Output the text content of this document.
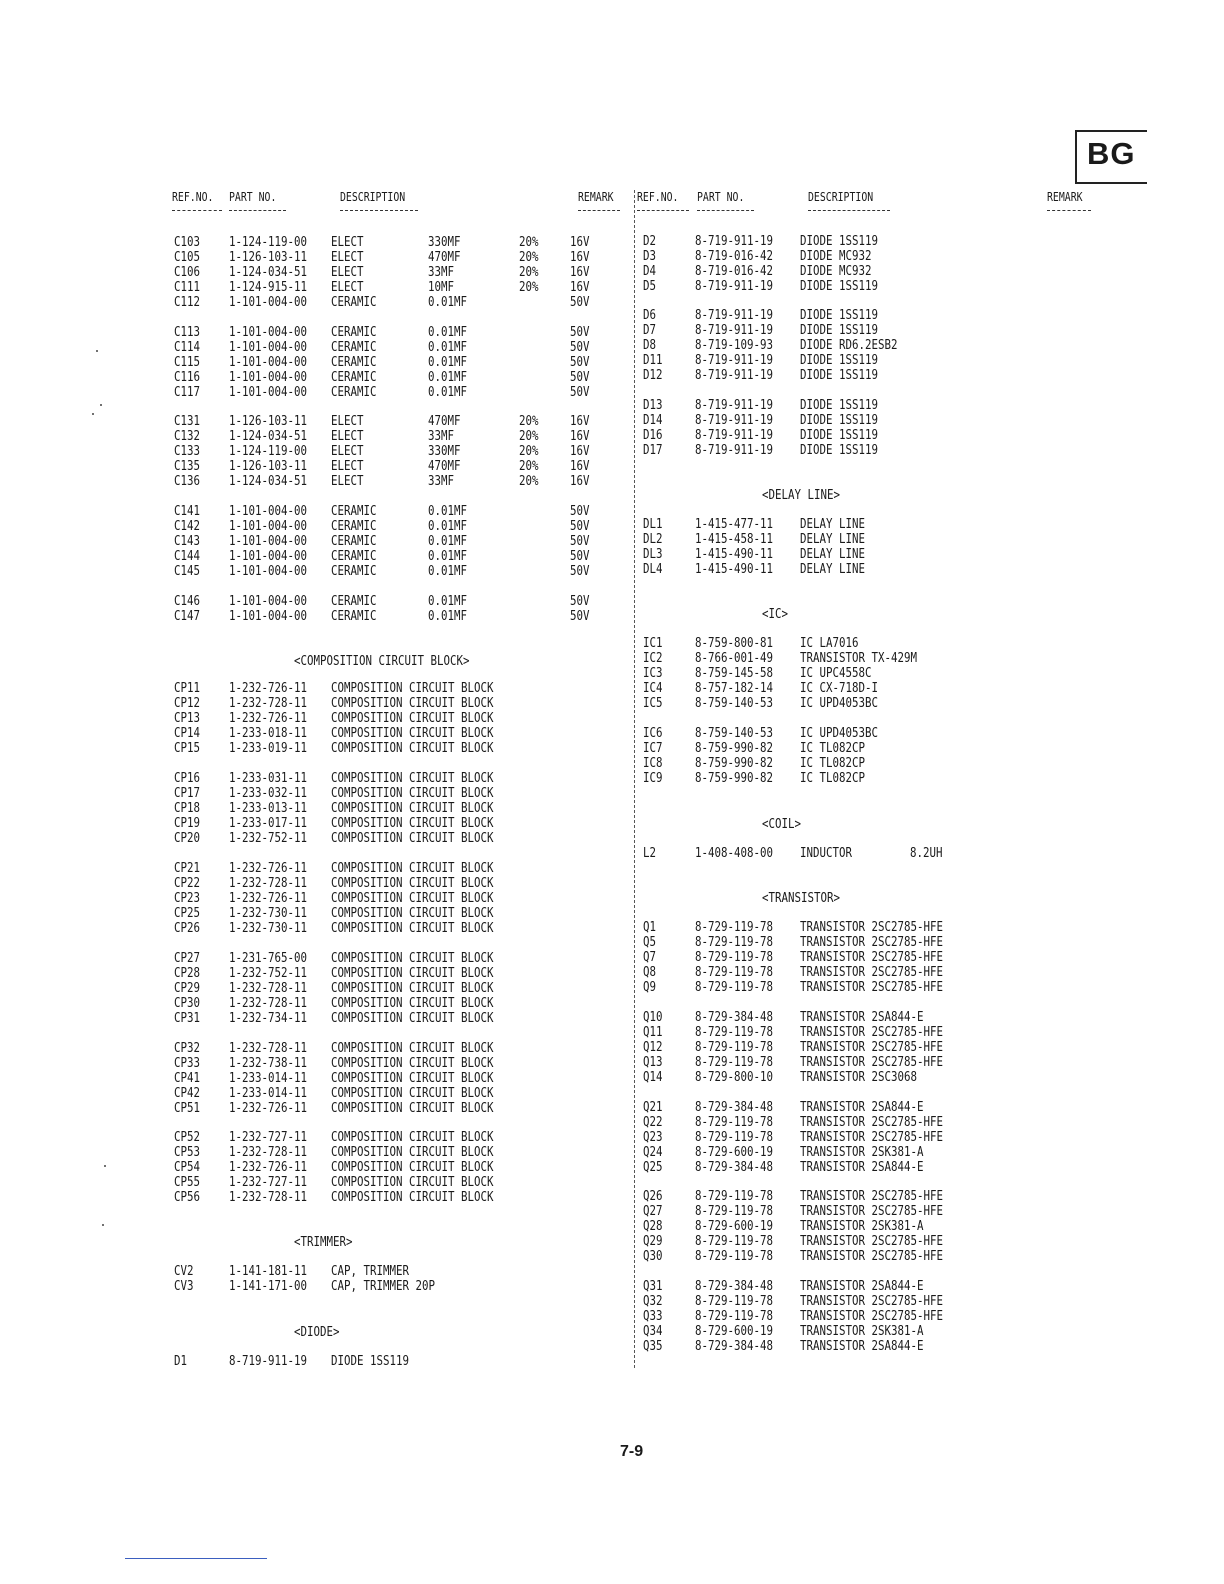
BG
REF.NO. PART NO.	DESCRIPTION	REMARK REF.NO. PART NO.	DESCRIPTION	REMARK
C103 1-124-119-00 ELECT	330MF	20% 16V
C105 1-126-103-11 ELECT	470MF	20% 16V
C106 1-124-034-51 ELECT	33MF	20% 16V
C111 1-124-915-11 ELECT	10MF	20% 16V
C112 1-101-004-00 CERAMIC	0.01MF	50V
C113 1-101-004-00 CERAMIC	0.01MF	50V
C114 1-101-004-00 CERAMIC	0.01MF	50V
C115 1-101-004-00 CERAMIC	0.01MF	50V
C116 1-101-004-00 CERAMIC	0.01MF	50V
C117 1-101-004-00 CERAMIC	0.01MF	50V
C131 1-126-103-11 ELECT	470MF	20% 16V
C132 1-124-034-51 ELECT	33MF	20% 16V
C133 1-124-119-00 ELECT	330MF	20% 16V
C135 1-126-103-11 ELECT	470MF	20% 16V
C136 1-124-034-51 ELECT	33MF	20% 16V
C141 1-101-004-00 CERAMIC	0.01MF	50V
C142 1-101-004-00 CERAMIC	0.01MF	50V
C143 1-101-004-00 CERAMIC	0.01MF	50V
C144 1-101-004-00 CERAMIC	0.01MF	50V
C145 1-101-004-00 CERAMIC	0.01MF	50V
C146 1-101-004-00 CERAMIC	0.01MF	50V
C147 1-101-004-00 CERAMIC	0.01MF	50V
<COMPOSITION CIRCUIT BLOCK>
CP11 1-232-726-11 COMPOSITION CIRCUIT BLOCK
CP12 1-232-728-11 COMPOSITION CIRCUIT BLOCK
CP13 1-232-726-11 COMPOSITION CIRCUIT BLOCK
CP14 1-233-018-11 COMPOSITION CIRCUIT BLOCK
CP15 1-233-019-11 COMPOSITION CIRCUIT BLOCK
CP16 1-233-031-11 COMPOSITION CIRCUIT BLOCK
CP17 1-233-032-11 COMPOSITION CIRCUIT BLOCK
CP18 1-233-013-11 COMPOSITION CIRCUIT BLOCK
CP19 1-233-017-11 COMPOSITION CIRCUIT BLOCK
CP20 1-232-752-11 COMPOSITION CIRCUIT BLOCK
CP21 1-232-726-11 COMPOSITION CIRCUIT BLOCK
CP22 1-232-728-11 COMPOSITION CIRCUIT BLOCK
CP23 1-232-726-11 COMPOSITION CIRCUIT BLOCK
CP25 1-232-730-11 COMPOSITION CIRCUIT BLOCK
CP26 1-232-730-11 COMPOSITION CIRCUIT BLOCK
CP27 1-231-765-00 COMPOSITION CIRCUIT BLOCK
CP28 1-232-752-11 COMPOSITION CIRCUIT BLOCK
CP29 1-232-728-11 COMPOSITION CIRCUIT BLOCK
CP30 1-232-728-11 COMPOSITION CIRCUIT BLOCK
CP31 1-232-734-11 COMPOSITION CIRCUIT BLOCK
CP32 1-232-728-11 COMPOSITION CIRCUIT BLOCK
CP33 1-232-738-11 COMPOSITION CIRCUIT BLOCK
CP41 1-233-014-11 COMPOSITION CIRCUIT BLOCK
CP42 1-233-014-11 COMPOSITION CIRCUIT BLOCK
CP51 1-232-726-11 COMPOSITION CIRCUIT BLOCK
CP52 1-232-727-11 COMPOSITION CIRCUIT BLOCK
CP53 1-232-728-11 COMPOSITION CIRCUIT BLOCK
CP54 1-232-726-11 COMPOSITION CIRCUIT BLOCK
CP55 1-232-727-11 COMPOSITION CIRCUIT BLOCK
CP56 1-232-728-11 COMPOSITION CIRCUIT BLOCK
<TRIMMER>
CV2	1-141-181-11 CAP, TRIMMER
CV3	1-141-171-00 CAP, TRIMMER 20P
<DIODE>
D1	8-719-911-19 DIODE 1SS119
D2	8-719-911-19 DIODE 1SS119
D3	8-719-016-42 DIODE MC932
D4	8-719-016-42 DIODE MC932
D5	8-719-911-19 DIODE 1SS119
D6	8-719-911-19 DIODE 1SS119
D7	8-719-911-19 DIODE 1SS119
D8	8-719-109-93 DIODE RD6.2ESB2
D11 8-719-911-19 DIODE 1SS119
D12 8-719-911-19 DIODE 1SS119
D13 8-719-911-19 DIODE 1SS119
D14 8-719-911-19 DIODE 1SS119
D16 8-719-911-19 DIODE 1SS119
D17 8-719-911-19 DIODE 1SS119
<DELAY LINE>
DL1 1-415-477-11 DELAY LINE
DL2 1-415-458-11 DELAY LINE
DL3 1-415-490-11 DELAY LINE
DL4 1-415-490-11 DELAY LINE
<IC>
IC1 8-759-800-81 IC LA7016
IC2 8-766-001-49 TRANSISTOR TX-429M
IC3 8-759-145-58 IC UPC4558C
IC4 8-757-182-14 IC CX-718D-I
IC5 8-759-140-53 IC UPD4053BC
IC6 8-759-140-53 IC UPD4053BC
IC7 8-759-990-82 IC TL082CP
IC8 8-759-990-82 IC TL082CP
IC9 8-759-990-82 IC TL082CP
<COIL>
L2	1-408-408-00 INDUCTOR	8.2UH
<TRANSISTOR>
Q1	8-729-119-78 TRANSISTOR 2SC2785-HFE
Q5	8-729-119-78 TRANSISTOR 2SC2785-HFE
Q7	8-729-119-78 TRANSISTOR 2SC2785-HFE
Q8	8-729-119-78 TRANSISTOR 2SC2785-HFE
Q9	8-729-119-78 TRANSISTOR 2SC2785-HFE
Q10 8-729-384-48 TRANSISTOR 2SA844-E
Q11 8-729-119-78 TRANSISTOR 2SC2785-HFE
Q12 8-729-119-78 TRANSISTOR 2SC2785-HFE
Q13 8-729-119-78 TRANSISTOR 2SC2785-HFE
Q14 8-729-800-10 TRANSISTOR 2SC3068
Q21 8-729-384-48 TRANSISTOR 2SA844-E
Q22 8-729-119-78 TRANSISTOR 2SC2785-HFE
Q23 8-729-119-78 TRANSISTOR 2SC2785-HFE
Q24 8-729-600-19 TRANSISTOR 2SK381-A
Q25 8-729-384-48 TRANSISTOR 2SA844-E
Q26 8-729-119-78 TRANSISTOR 2SC2785-HFE
Q27 8-729-119-78 TRANSISTOR 2SC2785-HFE
Q28 8-729-600-19 TRANSISTOR 2SK381-A
Q29 8-729-119-78 TRANSISTOR 2SC2785-HFE
Q30 8-729-119-78 TRANSISTOR 2SC2785-HFE
Q31 8-729-384-48 TRANSISTOR 2SA844-E
Q32 8-729-119-78 TRANSISTOR 2SC2785-HFE
Q33 8-729-119-78 TRANSISTOR 2SC2785-HFE
Q34 8-729-600-19 TRANSISTOR 2SK381-A
Q35 8-729-384-48 TRANSISTOR 2SA844-E
7-9
